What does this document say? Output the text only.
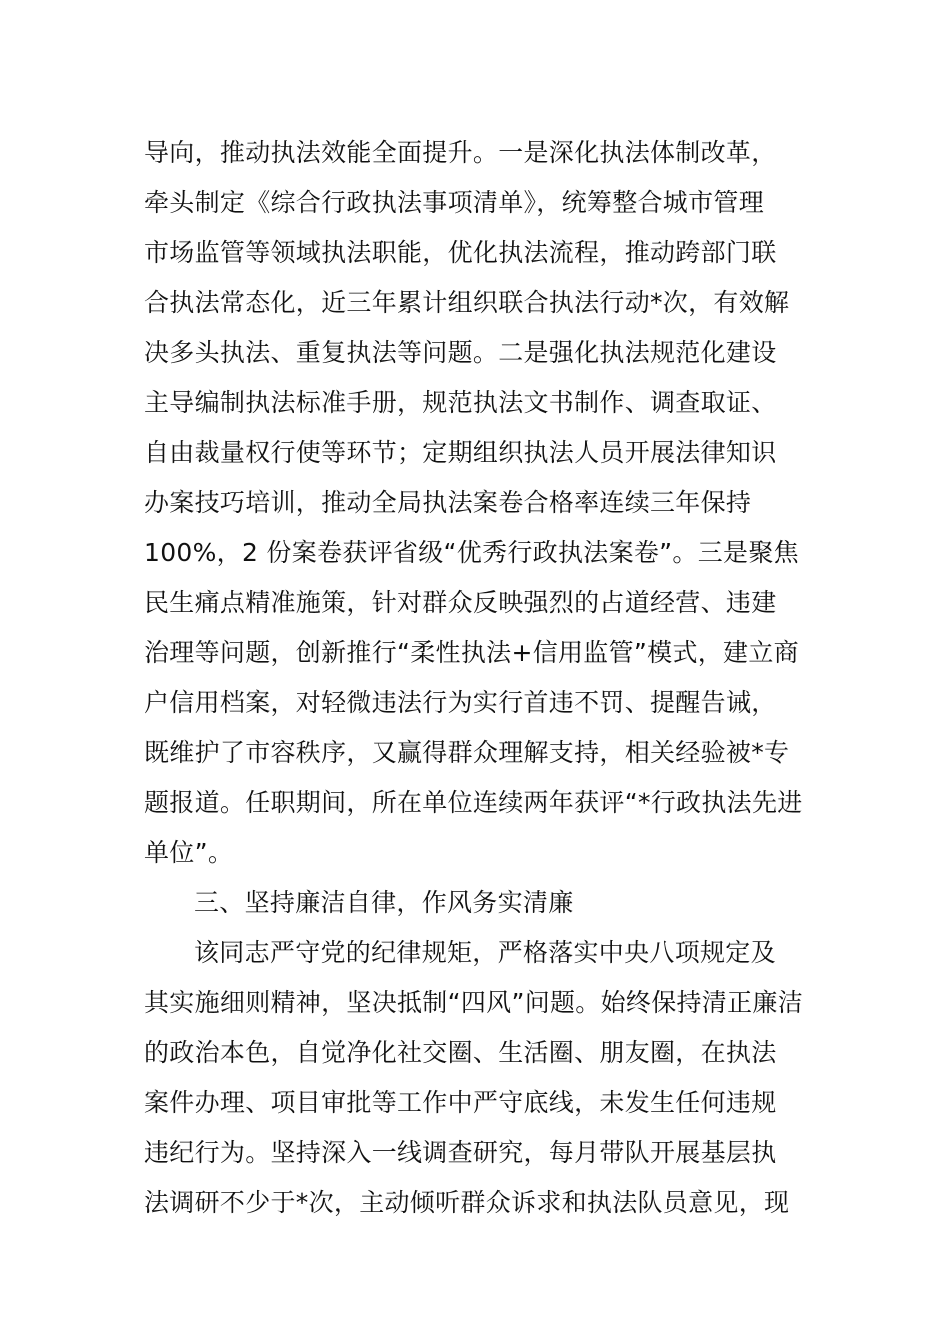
导向，推动执法效能全面提升。一是深化执法体制改革，
牵头制定《综合行政执法事项清单》，统筹整合城市管理
市场监管等领域执法职能，优化执法流程，推动跨部门联
合执法常态化，近三年累计组织联合执法行动*次，有效解
决多头执法、重复执法等问题。二是强化执法规范化建设
主导编制执法标准手册，规范执法文书制作、调查取证、
自由裁量权行使等环节；定期组织执法人员开展法律知识
办案技巧培训，推动全局执法案卷合格率连续三年保持
100%，2 份案卷获评省级“优秀行政执法案卷”。三是聚焦
民生痛点精准施策，针对群众反映强烈的占道经营、违建
治理等问题，创新推行“柔性执法+信用监管”模式，建立商
户信用档案，对轻微违法行为实行首违不罚、提醒告诫，
既维护了市容秩序，又赢得群众理解支持，相关经验被*专
题报道。任职期间，所在单位连续两年获评“*行政执法先进
单位”。
三、坚持廉洁自律，作风务实清廉
该同志严守党的纪律规矩，严格落实中央八项规定及
其实施细则精神，坚决抵制“四风”问题。始终保持清正廉洁
的政治本色，自觉净化社交圈、生活圈、朋友圈，在执法
案件办理、项目审批等工作中严守底线，未发生任何违规
违纪行为。坚持深入一线调查研究，每月带队开展基层执
法调研不少于*次，主动倾听群众诉求和执法队员意见，现
